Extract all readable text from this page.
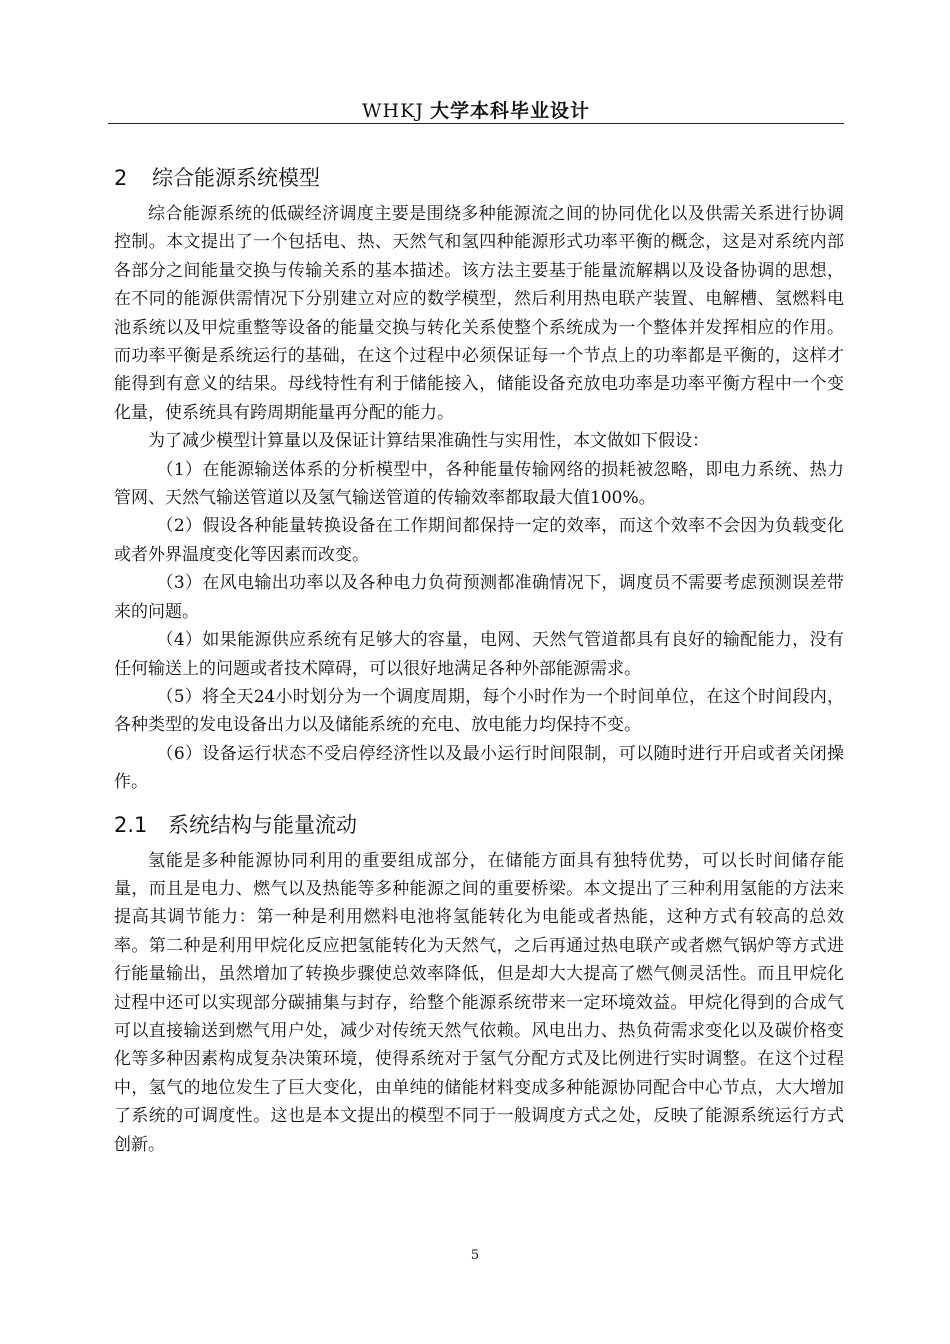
WHKJ 大学本科毕业设计
2 综合能源系统模型

综合能源系统的低碳经济调度主要是围绕多种能源流之间的协同优化以及供需关系进行协调控制。本文提出了一个包括电、热、天然气和氢四种能源形式功率平衡的概念，这是对系统内部各部分之间能量交换与传输关系的基本描述。该方法主要基于能量流解耦以及设备协调的思想，在不同的能源供需情况下分别建立对应的数学模型，然后利用热电联产装置、电解槽、氢燃料电池系统以及甲烷重整等设备的能量交换与转化关系使整个系统成为一个整体并发挥相应的作用。而功率平衡是系统运行的基础，在这个过程中必须保证每一个节点上的功率都是平衡的，这样才能得到有意义的结果。母线特性有利于储能接入，储能设备充放电功率是功率平衡方程中一个变化量，使系统具有跨周期能量再分配的能力。

为了减少模型计算量以及保证计算结果准确性与实用性，本文做如下假设：

（1）在能源输送体系的分析模型中，各种能量传输网络的损耗被忽略，即电力系统、热力管网、天然气输送管道以及氢气输送管道的传输效率都取最大值100%。

（2）假设各种能量转换设备在工作期间都保持一定的效率，而这个效率不会因为负载变化或者外界温度变化等因素而改变。

（3）在风电输出功率以及各种电力负荷预测都准确情况下，调度员不需要考虑预测误差带来的问题。

（4）如果能源供应系统有足够大的容量，电网、天然气管道都具有良好的输配能力，没有任何输送上的问题或者技术障碍，可以很好地满足各种外部能源需求。

（5）将全天24小时划分为一个调度周期，每个小时作为一个时间单位，在这个时间段内，各种类型的发电设备出力以及储能系统的充电、放电能力均保持不变。

（6）设备运行状态不受启停经济性以及最小运行时间限制，可以随时进行开启或者关闭操作。

2.1 系统结构与能量流动

氢能是多种能源协同利用的重要组成部分，在储能方面具有独特优势，可以长时间储存能量，而且是电力、燃气以及热能等多种能源之间的重要桥梁。本文提出了三种利用氢能的方法来提高其调节能力：第一种是利用燃料电池将氢能转化为电能或者热能，这种方式有较高的总效率。第二种是利用甲烷化反应把氢能转化为天然气，之后再通过热电联产或者燃气锅炉等方式进行能量输出，虽然增加了转换步骤使总效率降低，但是却大大提高了燃气侧灵活性。而且甲烷化过程中还可以实现部分碳捕集与封存，给整个能源系统带来一定环境效益。甲烷化得到的合成气可以直接输送到燃气用户处，减少对传统天然气依赖。风电出力、热负荷需求变化以及碳价格变化等多种因素构成复杂决策环境，使得系统对于氢气分配方式及比例进行实时调整。在这个过程中，氢气的地位发生了巨大变化，由单纯的储能材料变成多种能源协同配合中心节点，大大增加了系统的可调度性。这也是本文提出的模型不同于一般调度方式之处，反映了能源系统运行方式创新。

5
